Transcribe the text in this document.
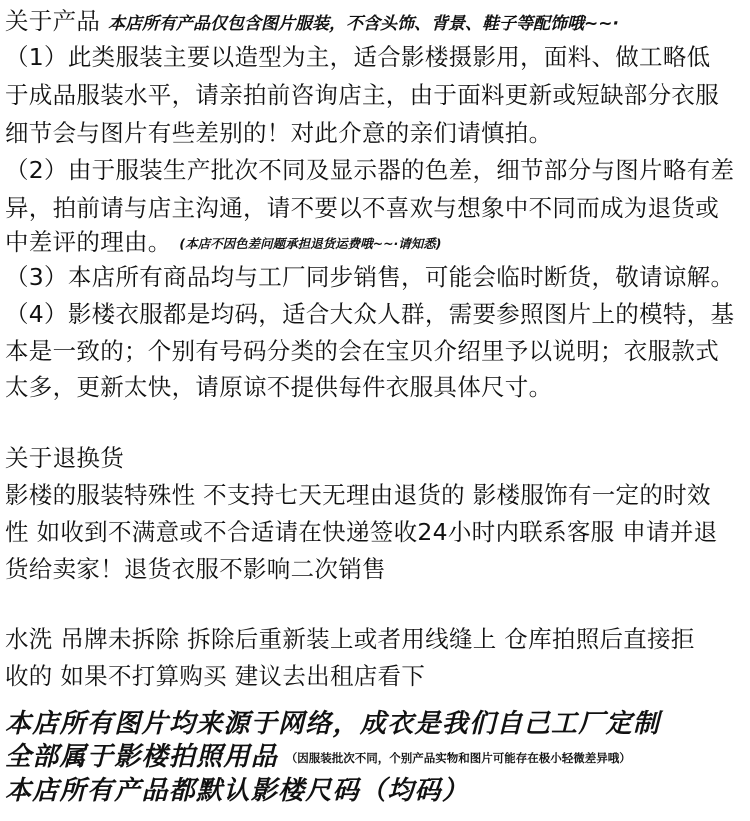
关于产品 本店所有产品仅包含图片服装，不含头饰、背景、鞋子等配饰哦~~·
（1）此类服装主要以造型为主，适合影楼摄影用，面料、做工略低
于成品服装水平，请亲拍前咨询店主，由于面料更新或短缺部分衣服
细节会与图片有些差别的！对此介意的亲们请慎拍。
（2）由于服装生产批次不同及显示器的色差，细节部分与图片略有差
异，拍前请与店主沟通，请不要以不喜欢与想象中不同而成为退货或
中差评的理由。 (本店不因色差问题承担退货运费哦~~·请知悉)
（3）本店所有商品均与工厂同步销售，可能会临时断货，敬请谅解。
（4）影楼衣服都是均码，适合大众人群，需要参照图片上的模特，基
本是一致的；个别有号码分类的会在宝贝介绍里予以说明；衣服款式
太多，更新太快，请原谅不提供每件衣服具体尺寸。
关于退换货
影楼的服装特殊性 不支持七天无理由退货的 影楼服饰有一定的时效
性 如收到不满意或不合适请在快递签收24小时内联系客服 申请并退
货给卖家！退货衣服不影响二次销售
水洗 吊牌未拆除 拆除后重新装上或者用线缝上 仓库拍照后直接拒
收的 如果不打算购买 建议去出租店看下
本店所有图片均来源于网络，成衣是我们自己工厂定制
全部属于影楼拍照用品 （因服装批次不同，个别产品实物和图片可能存在极小轻微差异哦）
本店所有产品都默认影楼尺码（均码）
